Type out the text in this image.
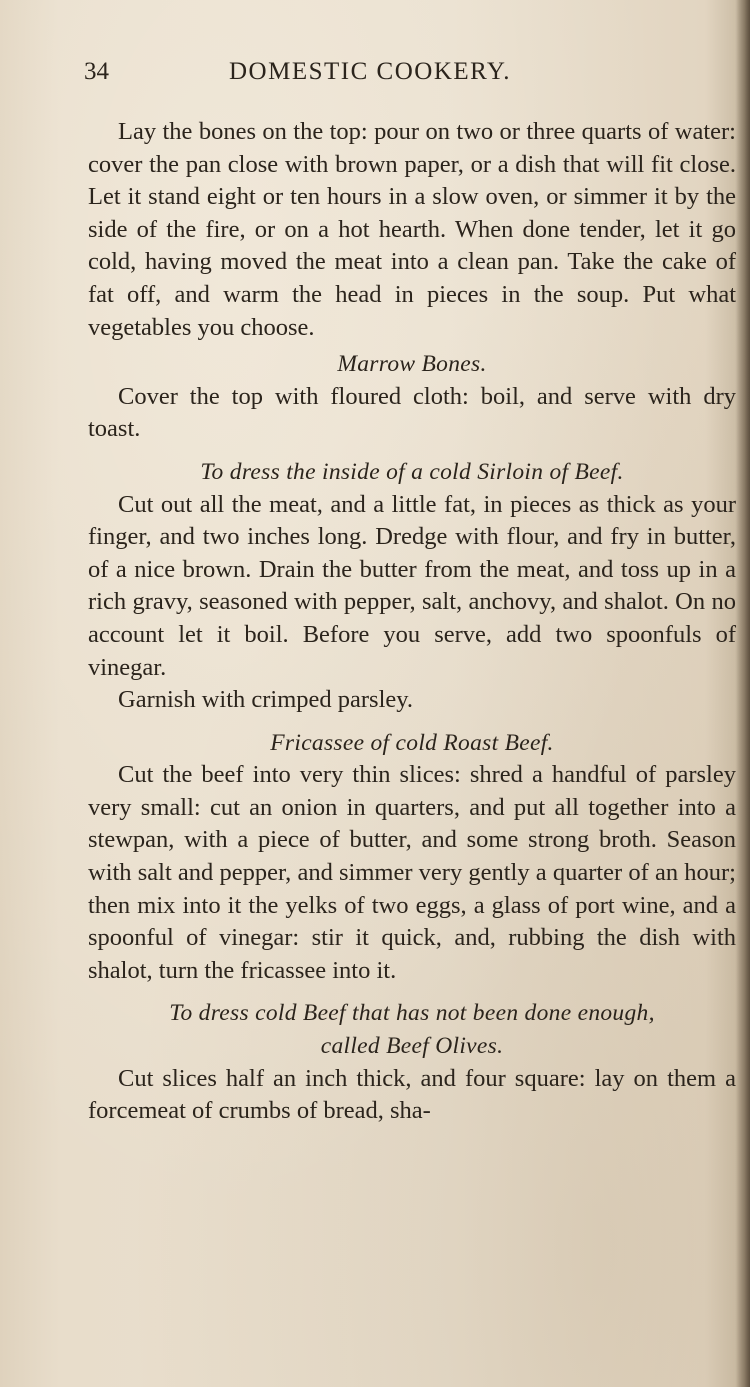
34	DOMESTIC COOKERY.

Lay the bones on the top: pour on two or three quarts of water: cover the pan close with brown paper, or a dish that will fit close. Let it stand eight or ten hours in a slow oven, or simmer it by the side of the fire, or on a hot hearth. When done tender, let it go cold, having moved the meat into a clean pan. Take the cake of fat off, and warm the head in pieces in the soup. Put what vegetables you choose.

Marrow Bones.

Cover the top with floured cloth: boil, and serve with dry toast.

To dress the inside of a cold Sirloin of Beef.

Cut out all the meat, and a little fat, in pieces as thick as your finger, and two inches long. Dredge with flour, and fry in butter, of a nice brown. Drain the butter from the meat, and toss up in a rich gravy, seasoned with pepper, salt, anchovy, and shalot. On no account let it boil. Before you serve, add two spoonfuls of vinegar.

Garnish with crimped parsley.

Fricassee of cold Roast Beef.

Cut the beef into very thin slices: shred a handful of parsley very small: cut an onion in quarters, and put all together into a stewpan, with a piece of butter, and some strong broth. Season with salt and pepper, and simmer very gently a quarter of an hour; then mix into it the yelks of two eggs, a glass of port wine, and a spoonful of vinegar: stir it quick, and, rubbing the dish with shalot, turn the fricassee into it.

To dress cold Beef that has not been done enough,

called Beef Olives.

Cut slices half an inch thick, and four square: lay on them a forcemeat of crumbs of bread, sha-
